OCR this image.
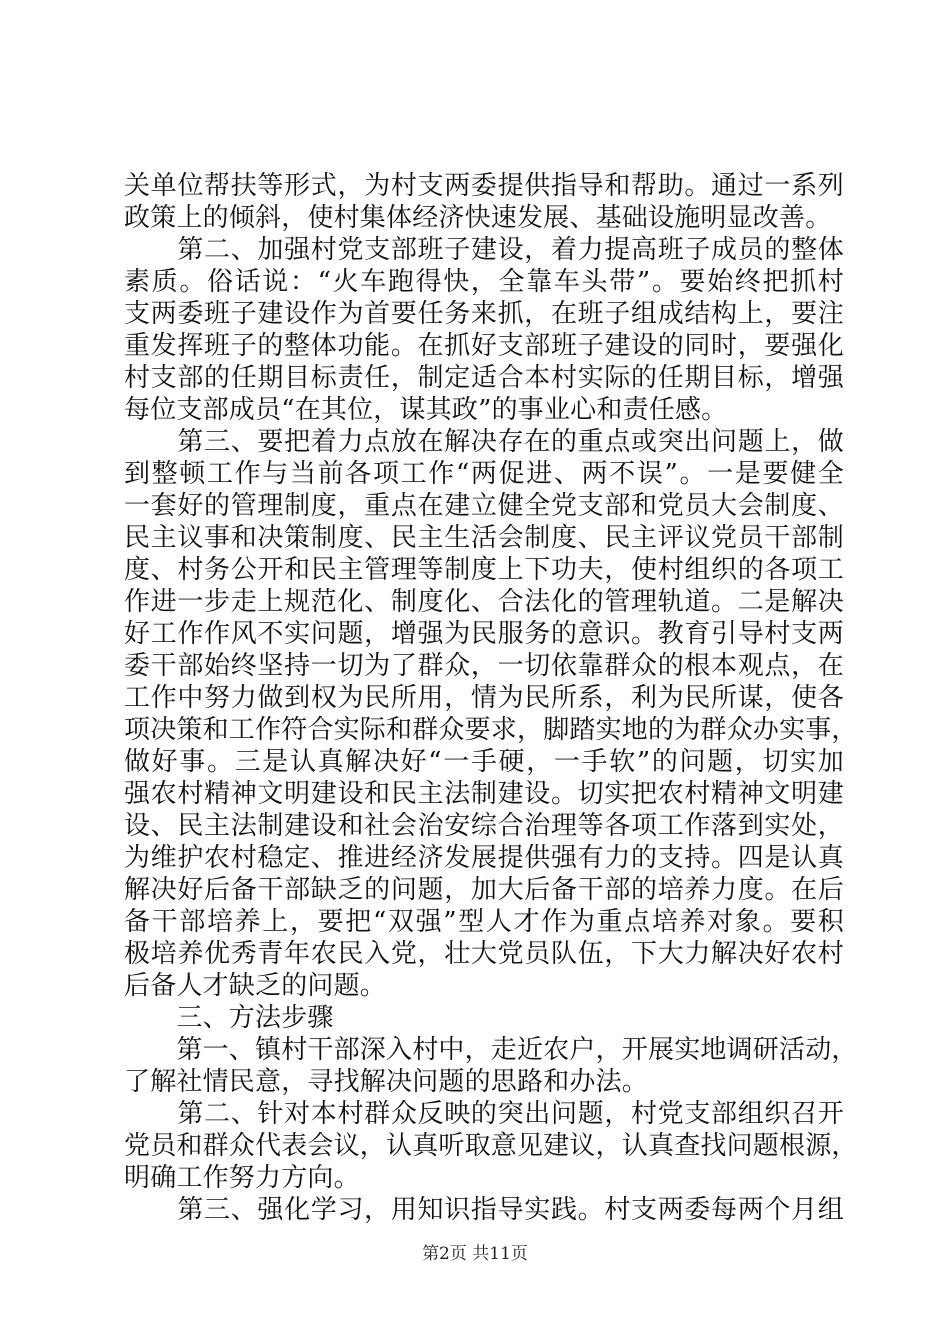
关单位帮扶等形式，为村支两委提供指导和帮助。通过一系列
政策上的倾斜，使村集体经济快速发展、基础设施明显改善。
　　第二、加强村党支部班子建设，着力提高班子成员的整体
素质。俗话说：“火车跑得快，全靠车头带”。要始终把抓村
支两委班子建设作为首要任务来抓，在班子组成结构上，要注
重发挥班子的整体功能。在抓好支部班子建设的同时，要强化
村支部的任期目标责任，制定适合本村实际的任期目标，增强
每位支部成员“在其位，谋其政”的事业心和责任感。
　　第三、要把着力点放在解决存在的重点或突出问题上，做
到整顿工作与当前各项工作“两促进、两不误”。一是要健全
一套好的管理制度，重点在建立健全党支部和党员大会制度、
民主议事和决策制度、民主生活会制度、民主评议党员干部制
度、村务公开和民主管理等制度上下功夫，使村组织的各项工
作进一步走上规范化、制度化、合法化的管理轨道。二是解决
好工作作风不实问题，增强为民服务的意识。教育引导村支两
委干部始终坚持一切为了群众，一切依靠群众的根本观点，在
工作中努力做到权为民所用，情为民所系，利为民所谋，使各
项决策和工作符合实际和群众要求，脚踏实地的为群众办实事，
做好事。三是认真解决好“一手硬，一手软”的问题，切实加
强农村精神文明建设和民主法制建设。切实把农村精神文明建
设、民主法制建设和社会治安综合治理等各项工作落到实处，
为维护农村稳定、推进经济发展提供强有力的支持。四是认真
解决好后备干部缺乏的问题，加大后备干部的培养力度。在后
备干部培养上，要把“双强”型人才作为重点培养对象。要积
极培养优秀青年农民入党，壮大党员队伍，下大力解决好农村
后备人才缺乏的问题。
　　三、方法步骤
　　第一、镇村干部深入村中，走近农户，开展实地调研活动，
了解社情民意，寻找解决问题的思路和办法。
　　第二、针对本村群众反映的突出问题，村党支部组织召开
党员和群众代表会议，认真听取意见建议，认真查找问题根源，
明确工作努力方向。
　　第三、强化学习，用知识指导实践。村支两委每两个月组
第2页 共11页
